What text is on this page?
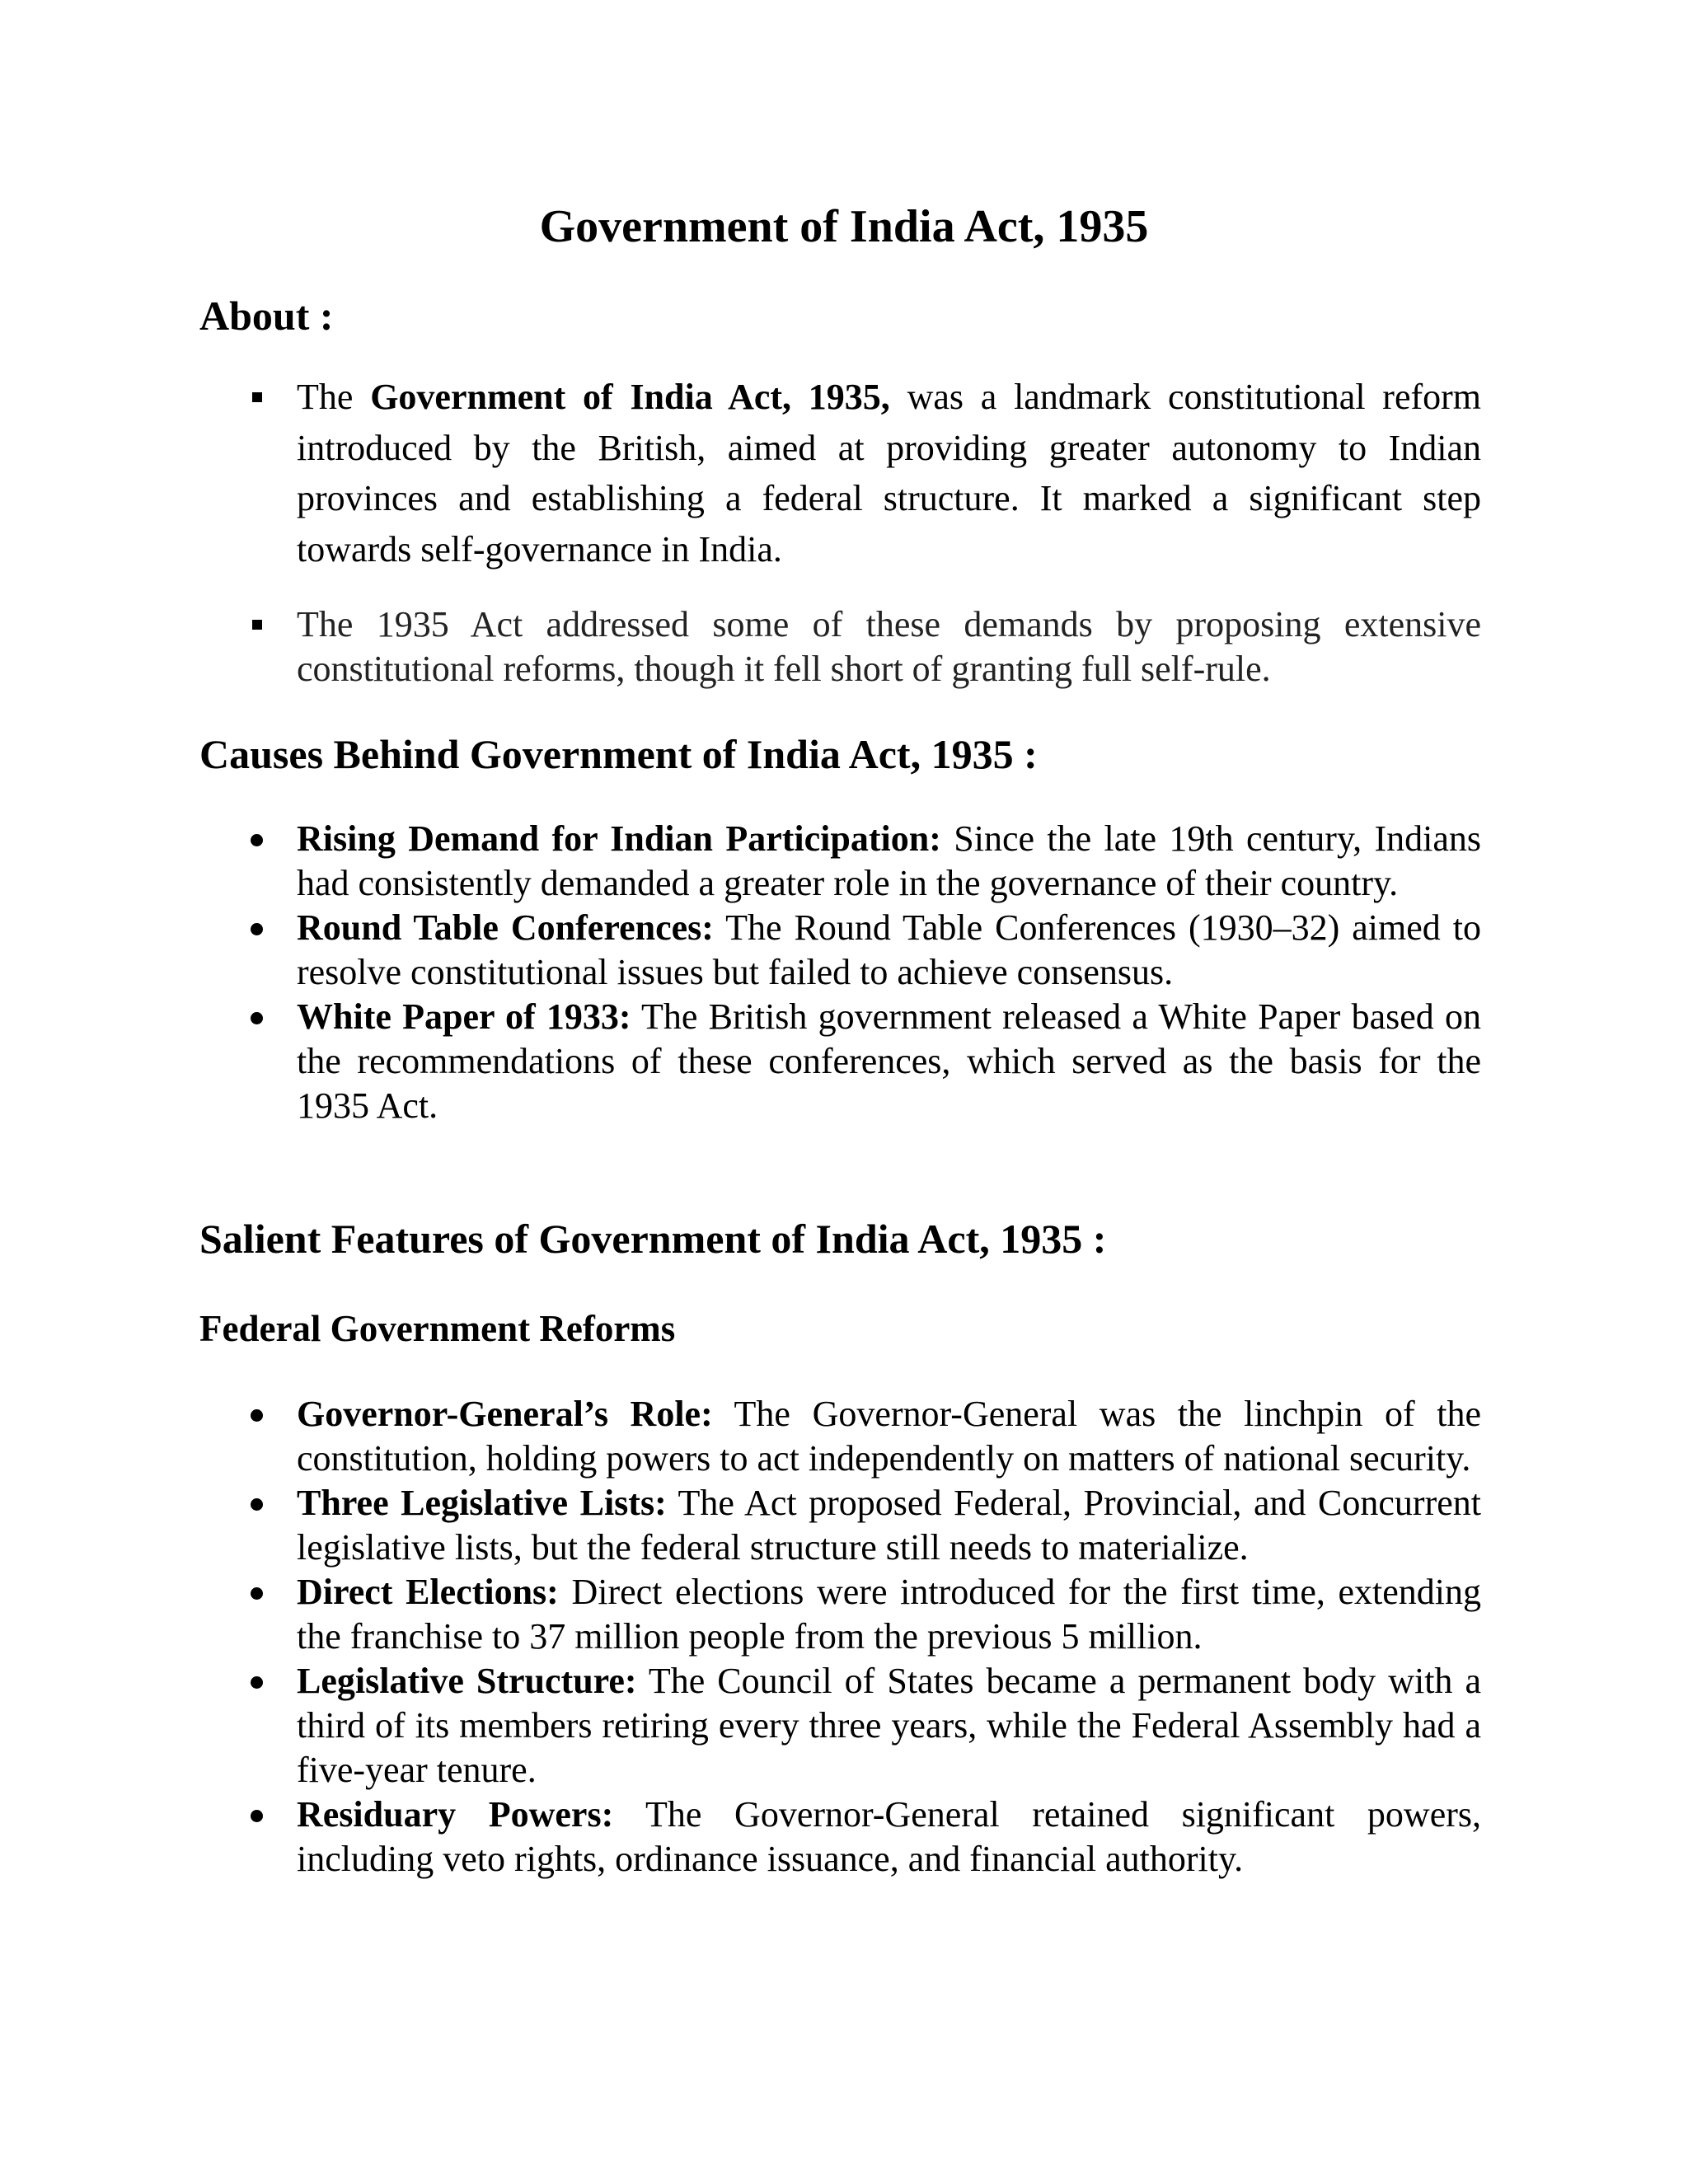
Government of India Act, 1935
About :
The Government of India Act, 1935, was a landmark constitutional reform introduced by the British, aimed at providing greater autonomy to Indian provinces and establishing a federal structure. It marked a significant step towards self-governance in India.
The 1935 Act addressed some of these demands by proposing extensive constitutional reforms, though it fell short of granting full self-rule.
Causes Behind Government of India Act, 1935 :
Rising Demand for Indian Participation: Since the late 19th century, Indians had consistently demanded a greater role in the governance of their country.
Round Table Conferences: The Round Table Conferences (1930–32) aimed to resolve constitutional issues but failed to achieve consensus.
White Paper of 1933: The British government released a White Paper based on the recommendations of these conferences, which served as the basis for the 1935 Act.
Salient Features of Government of India Act, 1935 :
Federal Government Reforms
Governor-General’s Role: The Governor-General was the linchpin of the constitution, holding powers to act independently on matters of national security.
Three Legislative Lists: The Act proposed Federal, Provincial, and Concurrent legislative lists, but the federal structure still needs to materialize.
Direct Elections: Direct elections were introduced for the first time, extending the franchise to 37 million people from the previous 5 million.
Legislative Structure: The Council of States became a permanent body with a third of its members retiring every three years, while the Federal Assembly had a five-year tenure.
Residuary Powers: The Governor-General retained significant powers, including veto rights, ordinance issuance, and financial authority.
